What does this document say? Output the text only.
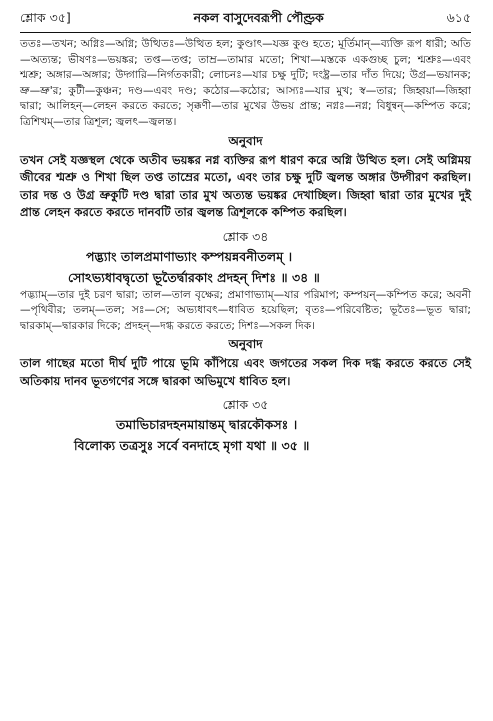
শ্লোক ৩৫]	নকল বাসুদেবরূপী পৌণ্ড্রক	৬১৫

ততঃ—তখন; অগ্নিঃ—অগ্নি; উত্থিতঃ—উত্থিত হল; কুণ্ডাৎ—যজ্ঞ কুণ্ড হতে; মূর্তিমান্—ব্যক্তি রূপ ধারী; অতি—অত্যন্ত; ভীষণঃ—ভয়ঙ্কর; তপ্ত—তপ্ত; তাম্র—তামার মতো; শিখা—মস্তকে একগুচ্ছ চুল; শ্মশ্রুঃ—এবং শ্মশ্রু; অঙ্গার—অঙ্গার; উদ্গারি—নির্গতকারী; লোচনঃ—যার চক্ষু দুটি; দংষ্ট্র—তার দাঁত দিয়ে; উগ্র—ভয়ানক; ভ্রু—ভ্রু'র; কুটী—কুঞ্চন; দণ্ড—এবং দণ্ড; কঠোর—কঠোর; আস্যঃ—যার মুখ; স্ব—তার; জিহ্বয়া—জিহ্বা দ্বারা; আলিহন্—লেহন করতে করতে; সৃক্কণী—তার মুখের উভয় প্রান্ত; নগ্নঃ—নগ্ন; বিধুন্বন্—কম্পিত করে; ত্রিশিখম্—তার ত্রিশূল; জ্বলৎ—জ্বলন্ত।

অনুবাদ

তখন সেই যজ্ঞস্থল থেকে অতীব ভয়ঙ্কর নগ্ন ব্যক্তির রূপ ধারণ করে অগ্নি উত্থিত হল। সেই অগ্নিময় জীবের শ্মশ্রু ও শিখা ছিল তপ্ত তাম্রের মতো, এবং তার চক্ষু দুটি জ্বলন্ত অঙ্গার উদ্গীরণ করছিল। তার দন্ত ও উগ্র ভ্রুকুটি দণ্ড দ্বারা তার মুখ অত্যন্ত ভয়ঙ্কর দেখাচ্ছিল। জিহ্বা দ্বারা তার মুখের দুই প্রান্ত লেহন করতে করতে দানবটি তার জ্বলন্ত ত্রিশূলকে কম্পিত করছিল।

শ্লোক ৩৪

পদ্ভ্যাং তালপ্রমাণাভ্যাং কম্পয়ন্নবনীতলম্ ।

সোঽভ্যধাবদ্বৃতো ভূতৈর্দ্বারকাং প্রদহন্ দিশঃ ॥ ৩৪ ॥

পদ্ভ্যাম্—তার দুই চরণ দ্বারা; তাল—তাল বৃক্ষের; প্রমাণাভ্যাম্—যার পরিমাপ; কম্পয়ন্—কম্পিত করে; অবনী—পৃথিবীর; তলম্—তল; সঃ—সে; অভ্যধাবৎ—ধাবিত হয়েছিল; বৃতঃ—পরিবেষ্টিত; ভূতৈঃ—ভূত দ্বারা; দ্বারকাম্—দ্বারকার দিকে; প্রদহন্—দগ্ধ করতে করতে; দিশঃ—সকল দিক।

অনুবাদ

তাল গাছের মতো দীর্ঘ দুটি পায়ে ভূমি কাঁপিয়ে এবং জগতের সকল দিক দগ্ধ করতে করতে সেই অতিকায় দানব ভূতগণের সঙ্গে দ্বারকা অভিমুখে ধাবিত হল।

শ্লোক ৩৫

তমাভিচারদহনমায়ান্তম্ দ্বারকৌকসঃ ।

বিলোক্য তত্রসুঃ সর্বে বনদাহে মৃগা যথা ॥ ৩৫ ॥
